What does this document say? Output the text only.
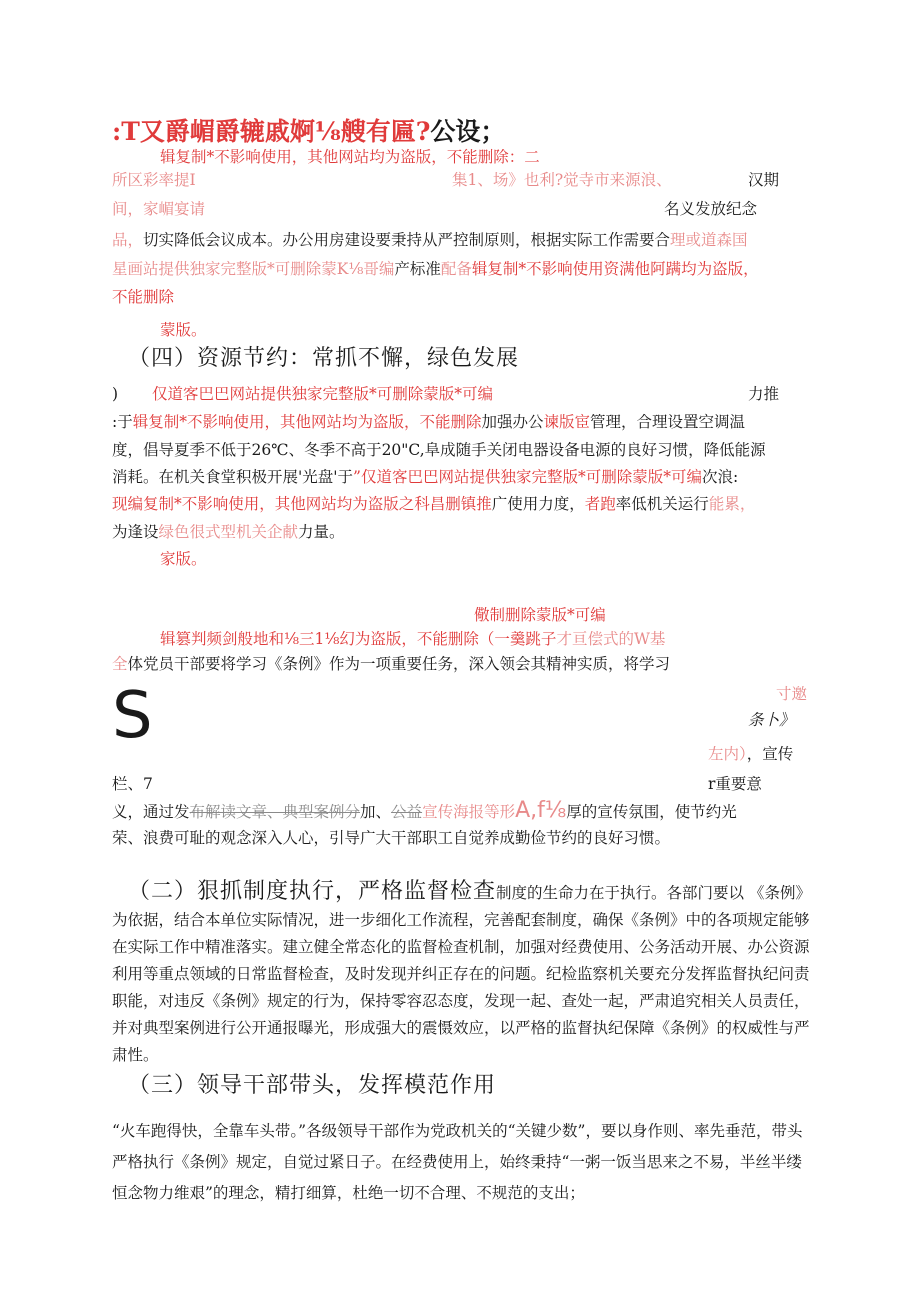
:T又爵嵋爵辘戚婀⅛艘有匾?公设；
辑复制*不影响使用，其他网站均为盗版，不能删除：二
所区彩率提I	集1、场》也利?觉寺市来源浪、	汉期
间，家嵋宴请	名义发放纪念
品，切实降低会议成本。办公用房建设要秉持从严控制原则，根据实际工作需要合理或道森国
星画站提供独家完整版*可删除蒙K⅛哥编产标准配备辑复制*不影响使用资满他阿蹒均为盗版，
不能删除
蒙版。
（四）资源节约：常抓不懈，绿色发展
) 仅道客巴巴网站提供独家完整版*可删除蒙版*可编	力推
:于辑复制*不影响使用，其他网站均为盗版，不能删除加强办公谏版宦管理，合理设置空调温
度，倡导夏季不低于26℃、冬季不高于20"C,阜成随手关闭电器设备电源的良好习惯，降低能源
消耗。在机关食堂积极开展'光盘'于”仅道客巴巴网站提供独家完整版*可删除蒙版*可编次浪:
现编复制*不影响使用，其他网站均为盗版之科昌删镇推广使用力度，者跑率低机关运行能累，
为逢设绿色很式型机关企献力量。
家版。
儆制删除蒙版*可编
辑篡判频剑般地和⅛三1⅛幻为盗版，不能删除（一羹跳子才亘偿式的W基
全体党员干部要将学习《条例》作为一项重要任务，深入领会其精神实质，将学习
寸邀
条卜》
S
左内），宣传
栏、7	r重要意
义，通过发布解读文章、典型案例分加、公益宣传海报等形A,f⅛厚的宣传氛围，使节约光
荣、浪费可耻的观念深入人心，引导广大干部职工自觉养成勤俭节约的良好习惯。
（二）狠抓制度执行，严格监督检查制度的生命力在于执行。各部门要以 《条例》为依据，结合本单位实际情况，进一步细化工作流程，完善配套制度，确保《条例》中的各项规定能够在实际工作中精准落实。建立健全常态化的监督检查机制，加强对经费使用、公务活动开展、办公资源利用等重点领域的日常监督检查，及时发现并纠正存在的问题。纪检监察机关要充分发挥监督执纪问责职能，对违反《条例》规定的行为，保持零容忍态度，发现一起、查处一起，严肃追究相关人员责任，并对典型案例进行公开通报曝光，形成强大的震慑效应，以严格的监督执纪保障《条例》的权威性与严肃性。
（三）领导干部带头，发挥模范作用
“火车跑得快，全靠车头带。”各级领导干部作为党政机关的“关键少数”，要以身作则、率先垂范，带头严格执行《条例》规定，自觉过紧日子。在经费使用上，始终秉持“一粥一饭当思来之不易，半丝半缕恒念物力维艰”的理念，精打细算，杜绝一切不合理、不规范的支出；
